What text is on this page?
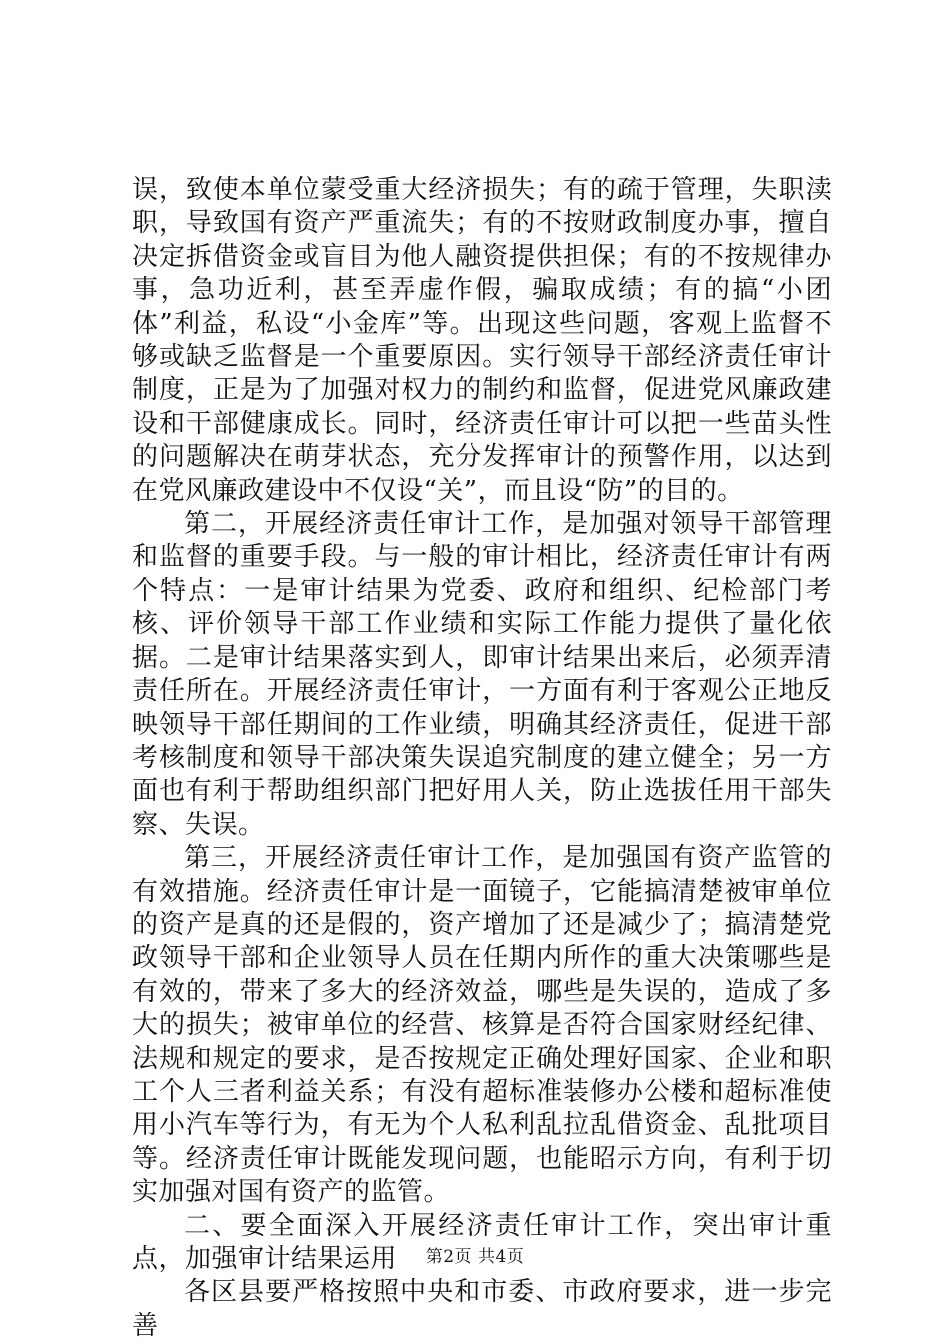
误，致使本单位蒙受重大经济损失；有的疏于管理，失职渎职，导致国有资产严重流失；有的不按财政制度办事，擅自决定拆借资金或盲目为他人融资提供担保；有的不按规律办事，急功近利，甚至弄虚作假，骗取成绩；有的搞“小团体”利益，私设“小金库”等。出现这些问题，客观上监督不够或缺乏监督是一个重要原因。实行领导干部经济责任审计制度，正是为了加强对权力的制约和监督，促进党风廉政建设和干部健康成长。同时，经济责任审计可以把一些苗头性的问题解决在萌芽状态，充分发挥审计的预警作用，以达到在党风廉政建设中不仅设“关”，而且设“防”的目的。

第二，开展经济责任审计工作，是加强对领导干部管理和监督的重要手段。与一般的审计相比，经济责任审计有两个特点：一是审计结果为党委、政府和组织、纪检部门考核、评价领导干部工作业绩和实际工作能力提供了量化依据。二是审计结果落实到人，即审计结果出来后，必须弄清责任所在。开展经济责任审计，一方面有利于客观公正地反映领导干部任期间的工作业绩，明确其经济责任，促进干部考核制度和领导干部决策失误追究制度的建立健全；另一方面也有利于帮助组织部门把好用人关，防止选拔任用干部失察、失误。

第三，开展经济责任审计工作，是加强国有资产监管的有效措施。经济责任审计是一面镜子，它能搞清楚被审单位的资产是真的还是假的，资产增加了还是减少了；搞清楚党政领导干部和企业领导人员在任期内所作的重大决策哪些是有效的，带来了多大的经济效益，哪些是失误的，造成了多大的损失；被审单位的经营、核算是否符合国家财经纪律、法规和规定的要求，是否按规定正确处理好国家、企业和职工个人三者利益关系；有没有超标准装修办公楼和超标准使用小汽车等行为，有无为个人私利乱拉乱借资金、乱批项目等。经济责任审计既能发现问题，也能昭示方向，有利于切实加强对国有资产的监管。

二、要全面深入开展经济责任审计工作，突出审计重点，加强审计结果运用

各区县要严格按照中央和市委、市政府要求，进一步完善

第2页 共4页
